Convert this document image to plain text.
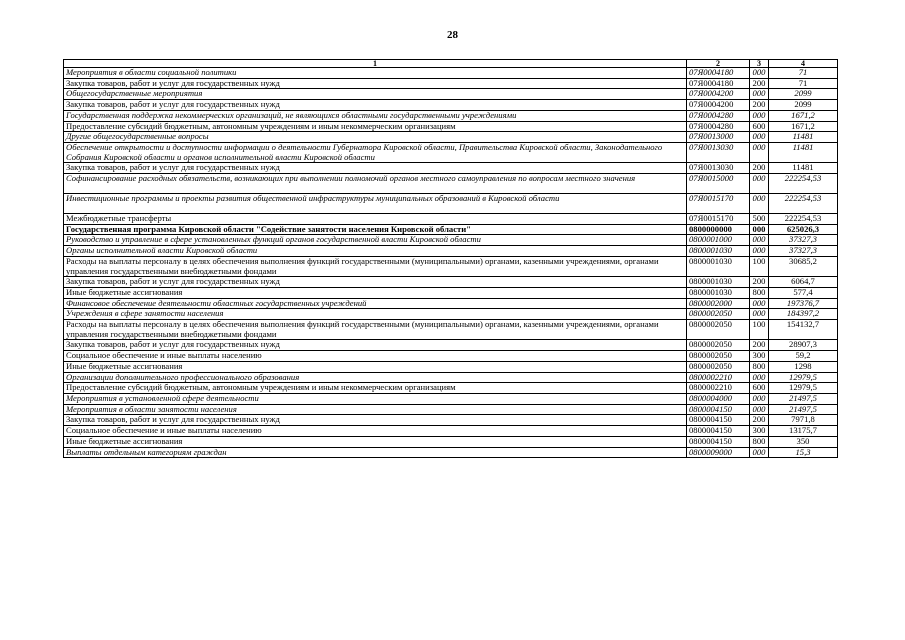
28
1	2	3	4
Мероприятия в области социальной политики	07Я0004180	000	71
Закупка товаров, работ и услуг для государственных нужд	07Я0004180	200	71
Общегосударственные мероприятия	07Я0004200	000	2099
Закупка товаров, работ и услуг для государственных нужд	07Я0004200	200	2099
Государственная поддержка некоммерческих организаций, не являющихся областными государственными учреждениями	07Я0004280	000	1671,2
Предоставление субсидий бюджетным, автономным учреждениям и иным некоммерческим организациям	07Я0004280	600	1671,2
Другие общегосударственные вопросы	07Я0013000	000	11481
Обеспечение открытости и доступности информации о деятельности Губернатора Кировской области, Правительства Кировской области, Законодательного Собрания Кировской области и органов исполнительной власти Кировской области	07Я0013030	000	11481
Закупка товаров, работ и услуг для государственных нужд	07Я0013030	200	11481
Софинансирование расходных обязательств, возникающих при выполнении полномочий органов местного самоуправления по вопросам местного значения	07Я0015000	000	222254,53
Инвестиционные программы и проекты развития общественной инфраструктуры муниципальных образований в Кировской области	07Я0015170	000	222254,53
Межбюджетные трансферты	07Я0015170	500	222254,53
Государственная программа Кировской области "Содействие занятости населения Кировской области"	0800000000	000	625026,3
Руководство и управление в сфере установленных функций органов государственной власти Кировской области	0800001000	000	37327,3
Органы исполнительной власти Кировской области	0800001030	000	37327,3
Расходы на выплаты персоналу в целях обеспечения выполнения функций государственными (муниципальными) органами, казенными учреждениями, органами управления государственными внебюджетными фондами	0800001030	100	30685,2
Закупка товаров, работ и услуг для государственных нужд	0800001030	200	6064,7
Иные бюджетные ассигнования	0800001030	800	577,4
Финансовое обеспечение деятельности областных государственных учреждений	0800002000	000	197376,7
Учреждения в сфере занятости населения	0800002050	000	184397,2
Расходы на выплаты персоналу в целях обеспечения выполнения функций государственными (муниципальными) органами, казенными учреждениями, органами управления государственными внебюджетными фондами	0800002050	100	154132,7
Закупка товаров, работ и услуг для государственных нужд	0800002050	200	28907,3
Социальное обеспечение и иные выплаты населению	0800002050	300	59,2
Иные бюджетные ассигнования	0800002050	800	1298
Организации дополнительного профессионального образования	0800002210	000	12979,5
Предоставление субсидий бюджетным, автономным учреждениям и иным некоммерческим организациям	0800002210	600	12979,5
Мероприятия в установленной сфере деятельности	0800004000	000	21497,5
Мероприятия в области занятости населения	0800004150	000	21497,5
Закупка товаров, работ и услуг для государственных нужд	0800004150	200	7971,8
Социальное обеспечение и иные выплаты населению	0800004150	300	13175,7
Иные бюджетные ассигнования	0800004150	800	350
Выплаты отдельным категориям граждан	0800009000	000	15,3
